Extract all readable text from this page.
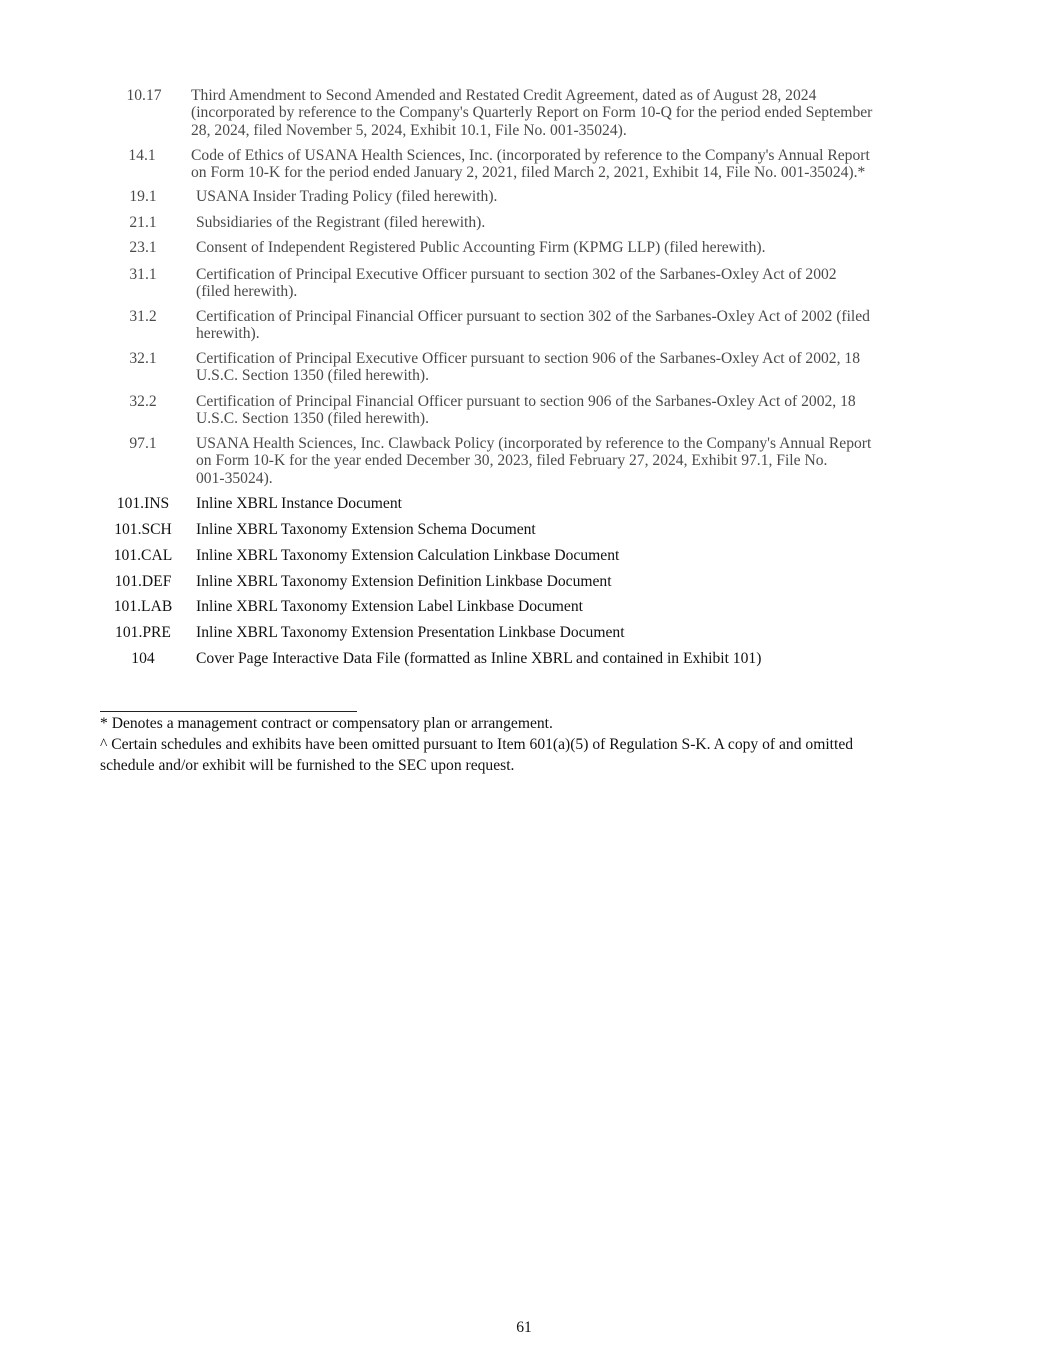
10.17	Third Amendment to Second Amended and Restated Credit Agreement, dated as of August 28, 2024
(incorporated by reference to the Company's Quarterly Report on Form 10-Q for the period ended September
28, 2024, filed November 5, 2024, Exhibit 10.1, File No. 001-35024).
14.1	Code of Ethics of USANA Health Sciences, Inc. (incorporated by reference to the Company's Annual Report
on Form 10-K for the period ended January 2, 2021, filed March 2, 2021, Exhibit 14, File No. 001-35024).*
19.1	USANA Insider Trading Policy (filed herewith).
21.1	Subsidiaries of the Registrant (filed herewith).
23.1	Consent of Independent Registered Public Accounting Firm (KPMG LLP) (filed herewith).
31.1	Certification of Principal Executive Officer pursuant to section 302 of the Sarbanes-Oxley Act of 2002
(filed herewith).
31.2	Certification of Principal Financial Officer pursuant to section 302 of the Sarbanes-Oxley Act of 2002 (filed
herewith).
32.1	Certification of Principal Executive Officer pursuant to section 906 of the Sarbanes-Oxley Act of 2002, 18
U.S.C. Section 1350 (filed herewith).
32.2	Certification of Principal Financial Officer pursuant to section 906 of the Sarbanes-Oxley Act of 2002, 18
U.S.C. Section 1350 (filed herewith).
97.1	USANA Health Sciences, Inc. Clawback Policy (incorporated by reference to the Company's Annual Report
on Form 10-K for the year ended December 30, 2023, filed February 27, 2024, Exhibit 97.1, File No.
001-35024).
101.INS	Inline XBRL Instance Document
101.SCH	Inline XBRL Taxonomy Extension Schema Document
101.CAL	Inline XBRL Taxonomy Extension Calculation Linkbase Document
101.DEF	Inline XBRL Taxonomy Extension Definition Linkbase Document
101.LAB	Inline XBRL Taxonomy Extension Label Linkbase Document
101.PRE	Inline XBRL Taxonomy Extension Presentation Linkbase Document
104	Cover Page Interactive Data File (formatted as Inline XBRL and contained in Exhibit 101)
* Denotes a management contract or compensatory plan or arrangement.
^ Certain schedules and exhibits have been omitted pursuant to Item 601(a)(5) of Regulation S-K. A copy of and omitted
schedule and/or exhibit will be furnished to the SEC upon request.
61
